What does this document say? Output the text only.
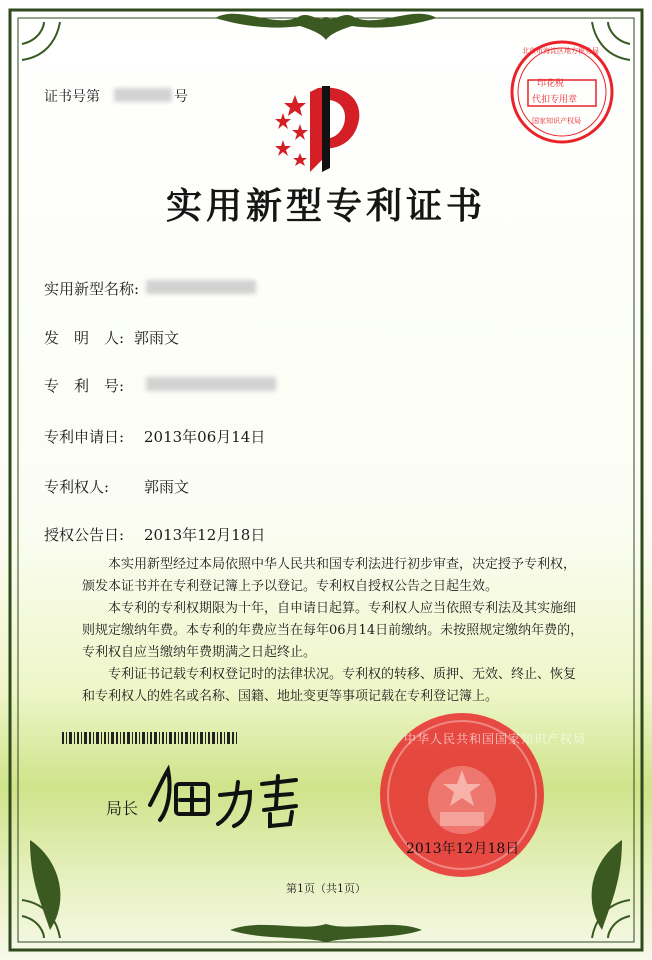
证书号第	号
印花税
代扣专用章
北京市海淀区地方税务局
国家知识产权局
实用新型专利证书
实用新型名称:
发　明　人: 郭雨文
专　利　号:
专利申请日: 2013年06月14日
专利权人: 郭雨文
授权公告日: 2013年12月18日

本实用新型经过本局依照中华人民共和国专利法进行初步审查，决定授予专利权，颁发本证书并在专利登记簿上予以登记。专利权自授权公告之日起生效。

本专利的专利权期限为十年，自申请日起算。专利权人应当依照专利法及其实施细则规定缴纳年费。本专利的年费应当在每年06月14日前缴纳。未按照规定缴纳年费的，专利权自应当缴纳年费期满之日起终止。

专利证书记载专利权登记时的法律状况。专利权的转移、质押、无效、终止、恢复和专利权人的姓名或名称、国籍、地址变更等事项记载在专利登记簿上。

局长
中华人民共和国国家知识产权局
2013年12月18日
第1页（共1页）
